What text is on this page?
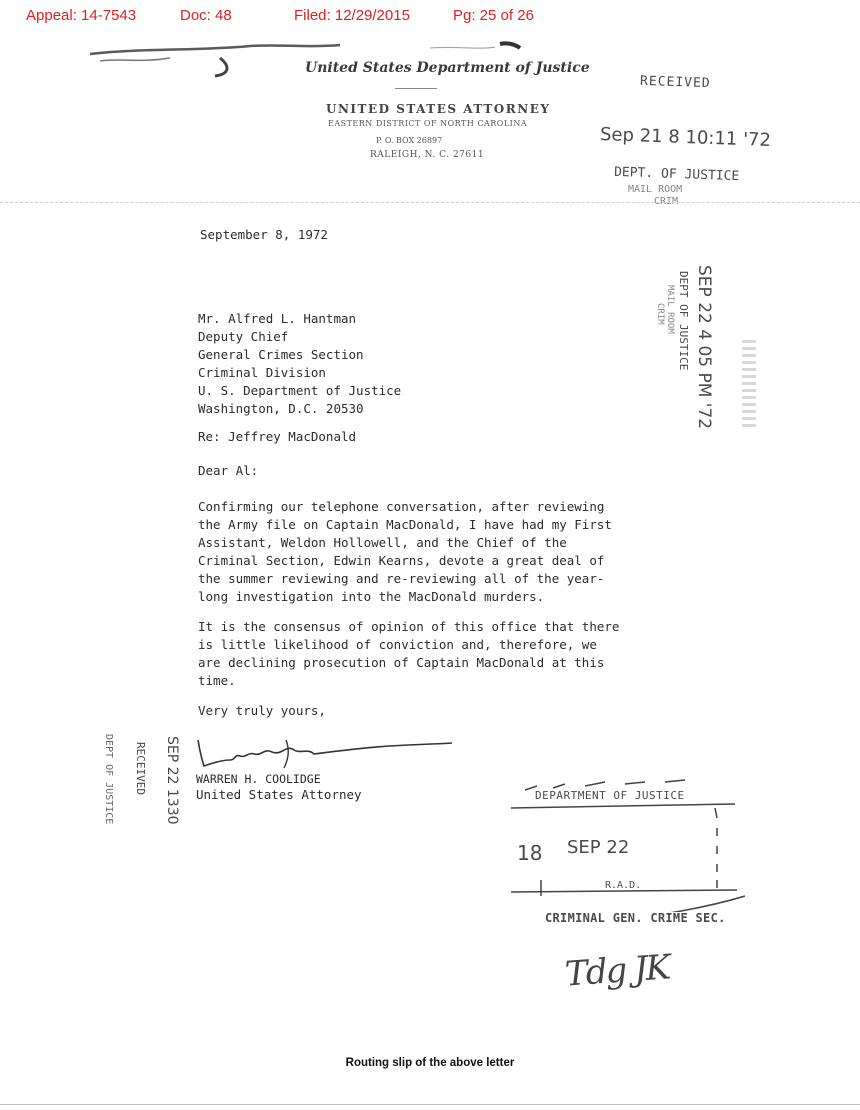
Appeal: 14-7543	Doc: 48	Filed: 12/29/2015	Pg: 25 of 26
United States Department of Justice
UNITED STATES ATTORNEY
EASTERN DISTRICT OF NORTH CAROLINA
P. O. BOX 26897
RALEIGH, N. C. 27611
RECEIVED
Sep 21 8 10:11 '72
DEPT. OF JUSTICE
MAIL ROOM
CRIM
September 8, 1972
Mr. Alfred L. Hantman
Deputy Chief
General Crimes Section
Criminal Division
U. S. Department of Justice
Washington, D.C. 20530	SEP 22 4 05 PM '72
DEPT OF JUSTICE
MAIL ROOM
CRIM
Re: Jeffrey MacDonald
Dear Al:
Confirming our telephone conversation, after reviewing
the Army file on Captain MacDonald, I have had my First
Assistant, Weldon Hollowell, and the Chief of the
Criminal Section, Edwin Kearns, devote a great deal of
the summer reviewing and re-reviewing all of the year-
long investigation into the MacDonald murders.
It is the consensus of opinion of this office that there
is little likelihood of conviction and, therefore, we
are declining prosecution of Captain MacDonald at this
time.
Very truly yours,
WARREN H. COOLIDGE
United States Attorney
SEP 22 1330
RECEIVED
DEPT OF JUSTICE	DEPARTMENT OF JUSTICE
18 SEP 22
R.A.D.
CRIMINAL GEN. CRIME SEC.
Tdg JK
Routing slip of the above letter
